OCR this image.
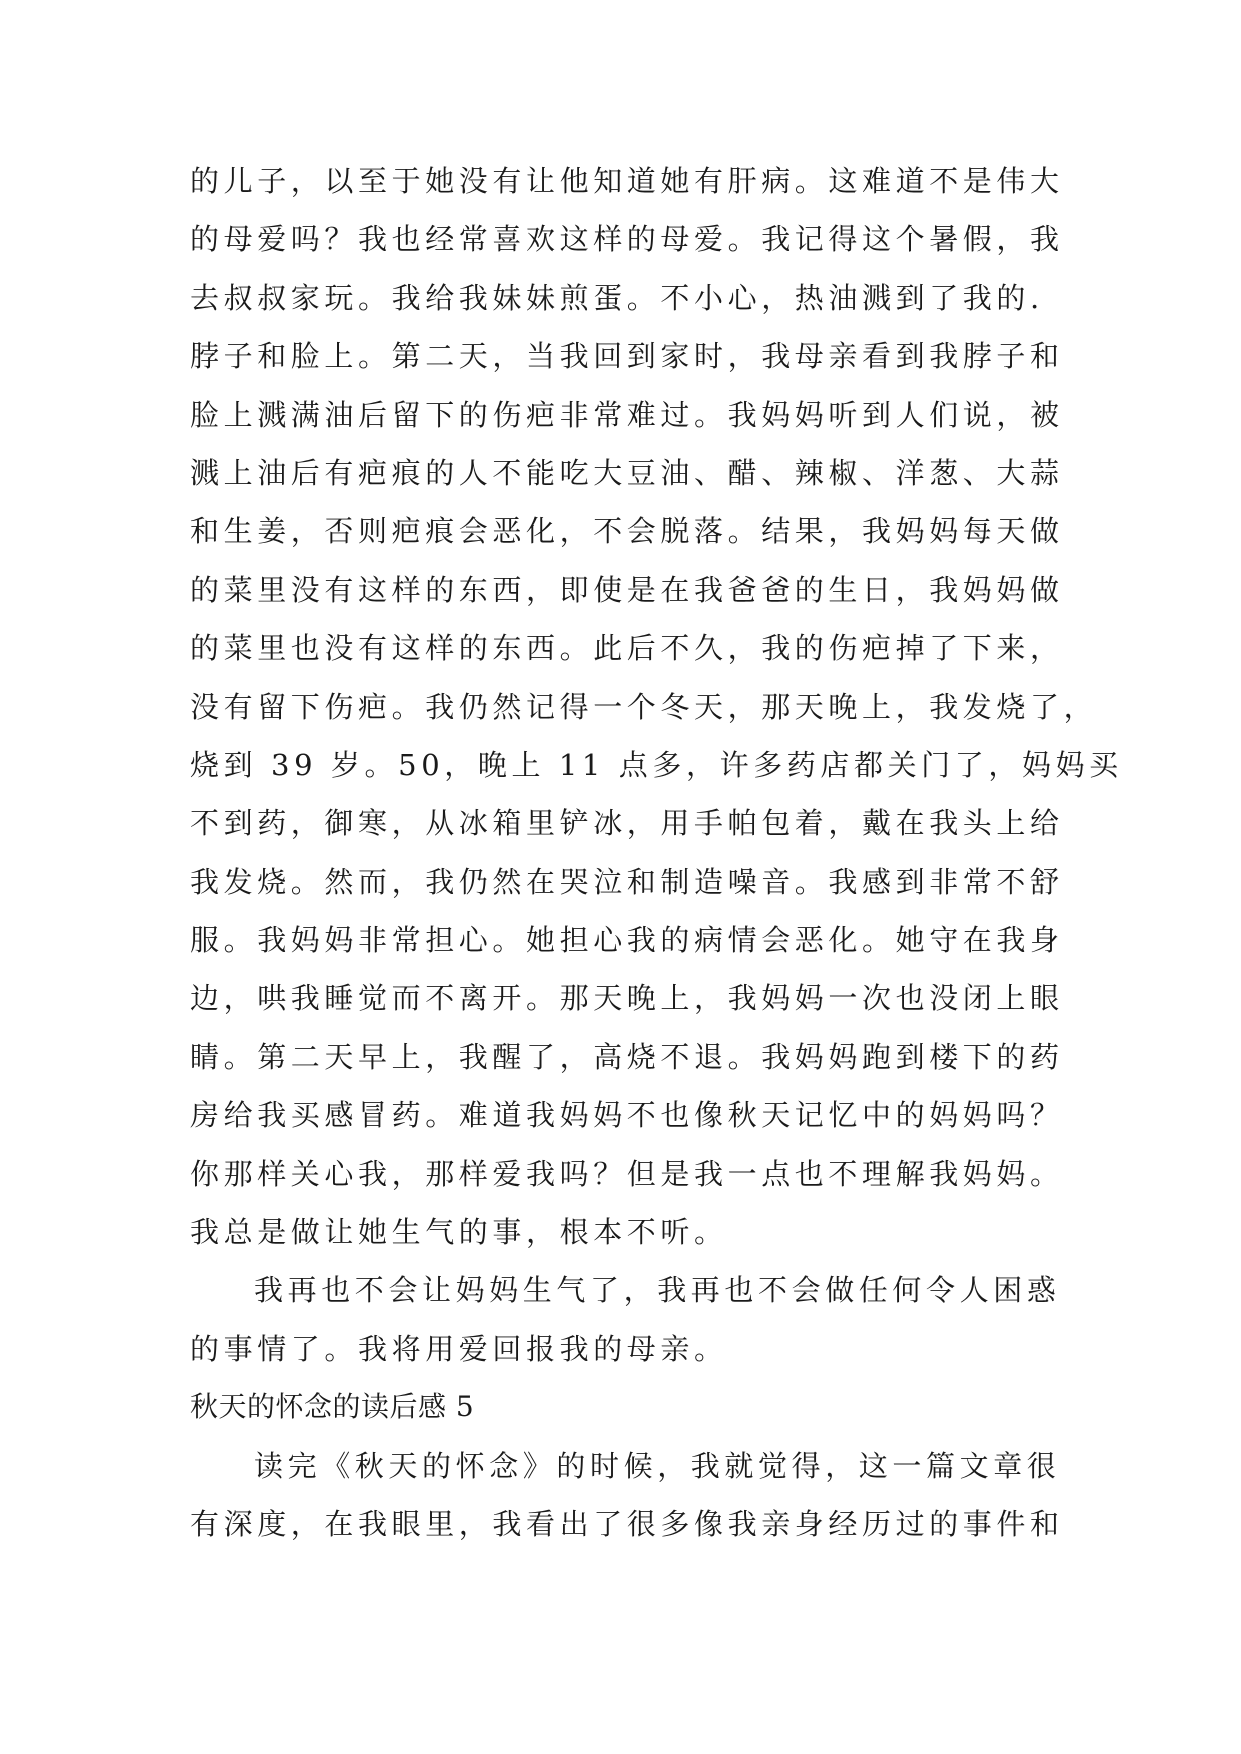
的儿子，以至于她没有让他知道她有肝病。这难道不是伟大
的母爱吗？我也经常喜欢这样的母爱。我记得这个暑假，我
去叔叔家玩。我给我妹妹煎蛋。不小心，热油溅到了我的.
脖子和脸上。第二天，当我回到家时，我母亲看到我脖子和
脸上溅满油后留下的伤疤非常难过。我妈妈听到人们说，被
溅上油后有疤痕的人不能吃大豆油、醋、辣椒、洋葱、大蒜
和生姜，否则疤痕会恶化，不会脱落。结果，我妈妈每天做
的菜里没有这样的东西，即使是在我爸爸的生日，我妈妈做
的菜里也没有这样的东西。此后不久，我的伤疤掉了下来，
没有留下伤疤。我仍然记得一个冬天，那天晚上，我发烧了，
烧到 39 岁。50，晚上 11 点多，许多药店都关门了，妈妈买
不到药，御寒，从冰箱里铲冰，用手帕包着，戴在我头上给
我发烧。然而，我仍然在哭泣和制造噪音。我感到非常不舒
服。我妈妈非常担心。她担心我的病情会恶化。她守在我身
边，哄我睡觉而不离开。那天晚上，我妈妈一次也没闭上眼
睛。第二天早上，我醒了，高烧不退。我妈妈跑到楼下的药
房给我买感冒药。难道我妈妈不也像秋天记忆中的妈妈吗？
你那样关心我，那样爱我吗？但是我一点也不理解我妈妈。
我总是做让她生气的事，根本不听。
我再也不会让妈妈生气了，我再也不会做任何令人困惑
的事情了。我将用爱回报我的母亲。
秋天的怀念的读后感 5
读完《秋天的怀念》的时候，我就觉得，这一篇文章很
有深度，在我眼里，我看出了很多像我亲身经历过的事件和
